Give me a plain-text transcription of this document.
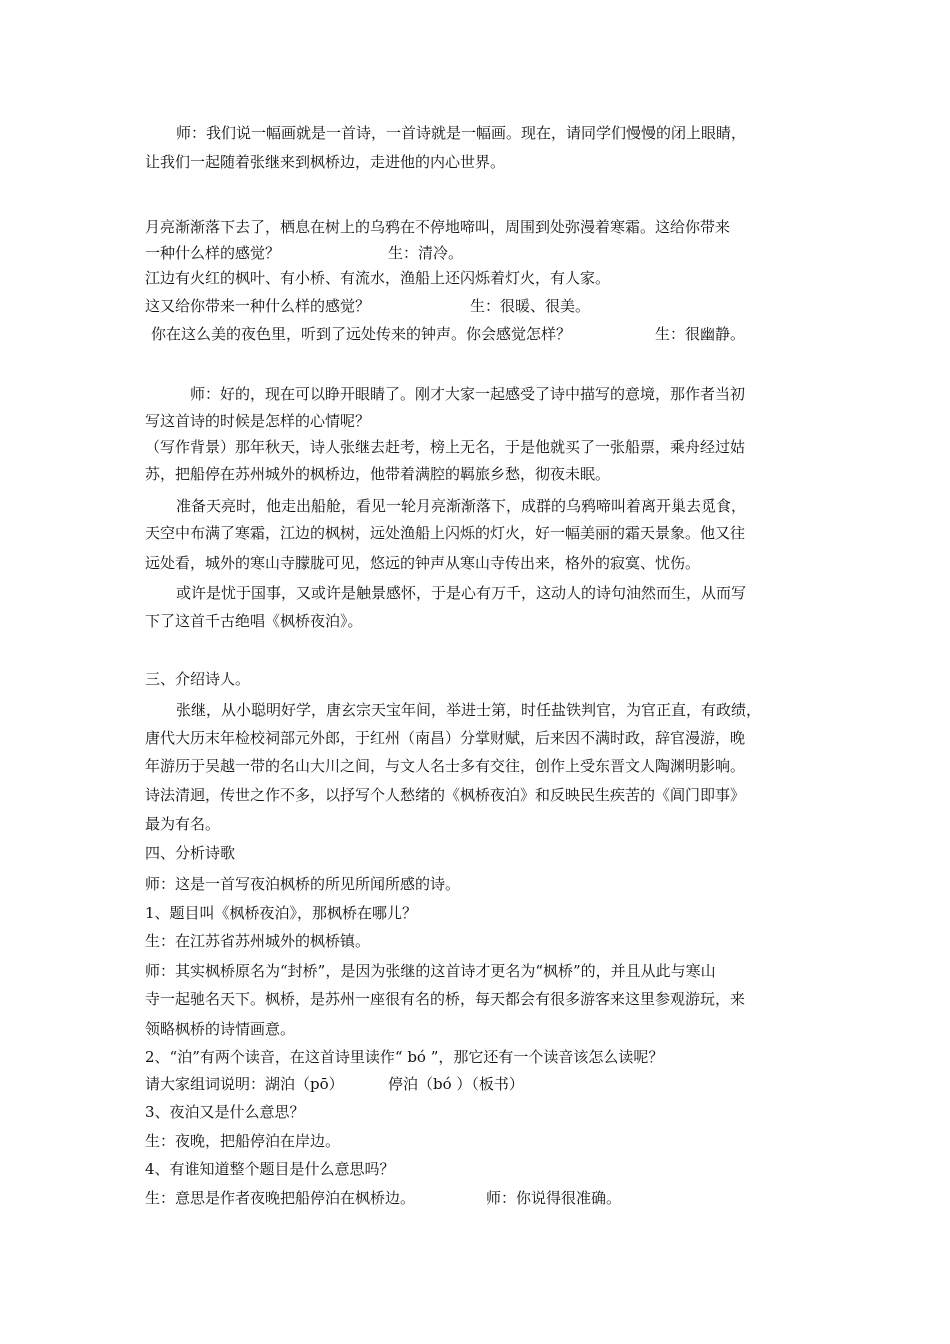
师：我们说一幅画就是一首诗，一首诗就是一幅画。现在，请同学们慢慢的闭上眼睛，
让我们一起随着张继来到枫桥边，走进他的内心世界。
月亮渐渐落下去了，栖息在树上的乌鸦在不停地啼叫，周围到处弥漫着寒霜。这给你带来
一种什么样的感觉？	生：清冷。
江边有火红的枫叶、有小桥、有流水，渔船上还闪烁着灯火，有人家。
这又给你带来一种什么样的感觉？	生：很暖、很美。
你在这么美的夜色里，听到了远处传来的钟声。你会感觉怎样？	生：很幽静。
师：好的，现在可以睁开眼睛了。刚才大家一起感受了诗中描写的意境，那作者当初
写这首诗的时候是怎样的心情呢？
（写作背景）那年秋天，诗人张继去赶考，榜上无名，于是他就买了一张船票，乘舟经过姑
苏，把船停在苏州城外的枫桥边，他带着满腔的羁旅乡愁，彻夜未眠。
准备天亮时，他走出船舱，看见一轮月亮渐渐落下，成群的乌鸦啼叫着离开巢去觅食，
天空中布满了寒霜，江边的枫树，远处渔船上闪烁的灯火，好一幅美丽的霜天景象。他又往
远处看，城外的寒山寺朦胧可见，悠远的钟声从寒山寺传出来，格外的寂寞、忧伤。
或许是忧于国事，又或许是触景感怀，于是心有万千，这动人的诗句油然而生，从而写
下了这首千古绝唱《枫桥夜泊》。
三、介绍诗人。
张继，从小聪明好学，唐玄宗天宝年间，举进士第，时任盐铁判官，为官正直，有政绩，
唐代大历末年检校祠部元外郎，于红州（南昌）分掌财赋，后来因不满时政，辞官漫游，晚
年游历于吴越一带的名山大川之间，与文人名士多有交往，创作上受东晋文人陶渊明影响。
诗法清迥，传世之作不多，以抒写个人愁绪的《枫桥夜泊》和反映民生疾苦的《阊门即事》
最为有名。
四、分析诗歌
师：这是一首写夜泊枫桥的所见所闻所感的诗。
1、题目叫《枫桥夜泊》，那枫桥在哪儿？
生：在江苏省苏州城外的枫桥镇。
师：其实枫桥原名为“封桥”，是因为张继的这首诗才更名为“枫桥”的，并且从此与寒山
寺一起驰名天下。枫桥，是苏州一座很有名的桥，每天都会有很多游客来这里参观游玩，来
领略枫桥的诗情画意。
2、“泊”有两个读音，在这首诗里读作“ bó ”，那它还有一个读音该怎么读呢？
请大家组词说明：湖泊（pō）	停泊（bó ）（板书）
3、夜泊又是什么意思？
生：夜晚，把船停泊在岸边。
4、有谁知道整个题目是什么意思吗？
生：意思是作者夜晚把船停泊在枫桥边。	师：你说得很准确。
